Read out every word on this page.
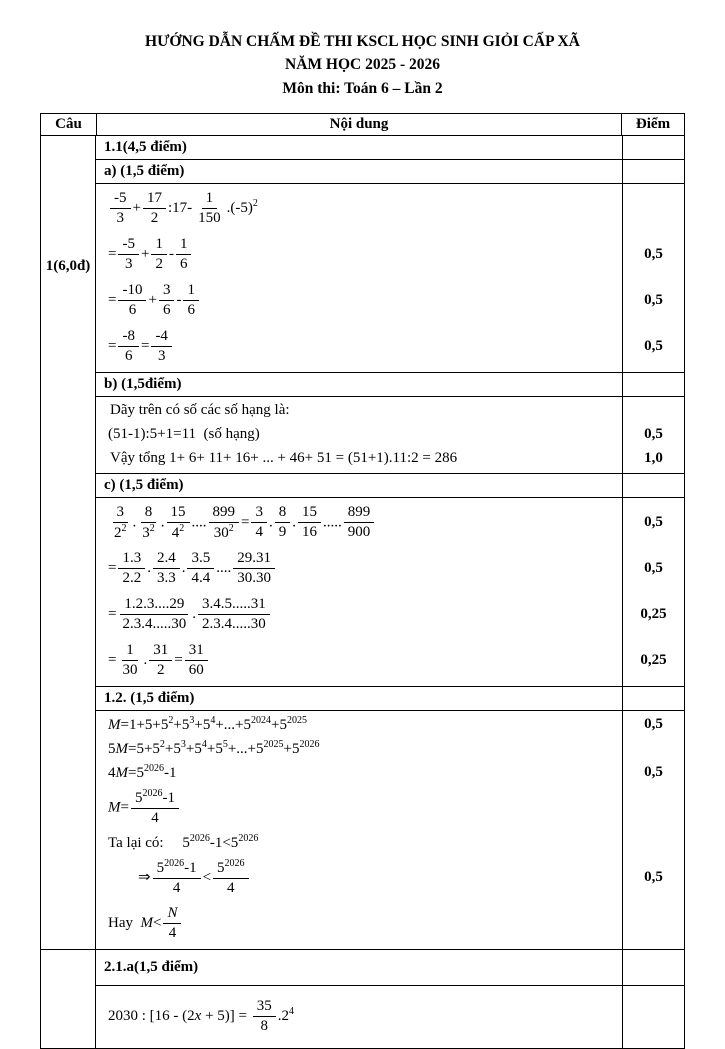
HƯỚNG DẪN CHẤM ĐỀ THI KSCL HỌC SINH GIỎI CẤP XÃ
NĂM HỌC 2025 - 2026
Môn thi: Toán 6 – Lần 2
Câu	Nội dung	Điểm
1(6,0đ)
1.1(4,5 điểm)
a) (1,5 điểm)
$\frac{-5}{3} + \frac{17}{2}$ :17- $\frac{1}{150} .(-5)^2$
= $\frac{-5}{3} + \frac{1}{2} - \frac{1}{6}$
= $\frac{-10}{6} + \frac{3}{6} - \frac{1}{6}$
= $\frac{-8}{6} = \frac{-4}{3}$
0,5
0,5
0,5
b) (1,5điểm)
Dãy trên có số các số hạng là:
(51-1):5+1=11 (số hạng)
Vậy tổng 1+ 6+ 11+ 16+ ... + 46+ 51 = (51+1).11:2 = 286
0,5
1,0
c) (1,5 điểm)
$\frac{3}{2^2}$ . $\frac{8}{3^2}$ . $\frac{15}{4^2}$ .... $\frac{899}{30^2} = \frac{3}{4}$ . $\frac{8}{9}$ . $\frac{15}{16}$ ..... $\frac{899}{900}$
= $\frac{1.3}{2.2}$ . $\frac{2.4}{3.3}$ . $\frac{3.5}{4.4}$ .... $\frac{29.31}{30.30}$
= $\frac{1.2.3....29}{2.3.4.....30}$ . $\frac{3.4.5.....31}{2.3.4.....30}$
= $\frac{1}{30}$ . $\frac{31}{2} = \frac{31}{60}$
0,5
0,5
0,25
0,25
1.2. (1,5 điểm)
$M=1+5+5^2+5^3+5^4+...+5^{2024}+5^{2025}$
$5M=5+5^2+5^3+5^4+5^5+...+5^{2025}+5^{2026}$
$4M=5^{2026}-1$
$M= \frac{5^{2026}-1}{4}$
Ta lại có:  $5^{2026}-1<5^{2026}$
  ⇒ $\frac{5^{2026}-1}{4} < \frac{5^{2026}}{4}$
Hay $M< \frac{N}{4}$
0,5
0,5
0,5
2.1.a(1,5 điểm)
2030 : $[16 - (2x + 5)] = \frac{35}{8} .2^4$
